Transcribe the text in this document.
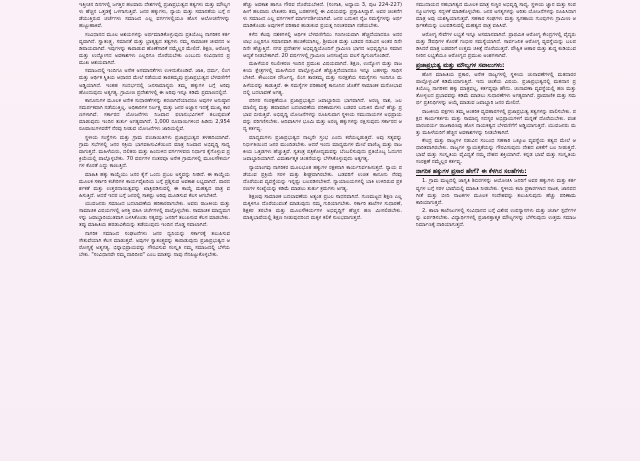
ಇತ್ತೀಚಿನ ದಿನಗಳಲ್ಲಿ ಜಗತ್ತಿನ ಹಲವಾರು ದೇಶಗಳಲ್ಲಿ ಪ್ರಜಾಪ್ರಭುತ್ವದ ತತ್ವಗಳು ಮತ್ತು ಮೌಲ್ಯಗಳು ಹೆಚ್ಚಿನ ಒತ್ತಡಕ್ಕೆ ಒಳಗಾಗುತ್ತಿವೆ. ಜನರ ಹಕ್ಕುಗಳು, ನ್ಯಾಯ ಮತ್ತು ಸಮಾನತೆಯ ಬಗ್ಗೆ ನಡೆಯುತ್ತಿರುವ ಚರ್ಚೆಗಳು ಸಮಾಜದ ಎಲ್ಲ ವರ್ಗಗಳಲ್ಲಿಯೂ ಹೊಸ ಆಲೋಚನೆಗಳನ್ನು ಹುಟ್ಟುಹಾಕಿವೆ.

ಸಂವಿಧಾನದ ಮೂಲ ಆಶಯಗಳನ್ನು ಅರ್ಥಮಾಡಿಕೊಳ್ಳುವುದು ಪ್ರತಿಯೊಬ್ಬ ನಾಗರಿಕನ ಕರ್ತವ್ಯವಾಗಿದೆ. ಸ್ವಾತಂತ್ರ್ಯ, ಸಮಾನತೆ ಮತ್ತು ಭ್ರಾತೃತ್ವದ ತತ್ವಗಳು ನಮ್ಮ ಸಾಮಾಜಿಕ ಜೀವನದ ಅಡಿಪಾಯವಾಗಿವೆ. ಇವುಗಳನ್ನು ಕಾಪಾಡುವ ಹೊಣೆಗಾರಿಕೆ ನಮ್ಮೆಲ್ಲರ ಮೇಲಿದೆ. ಶಿಕ್ಷಣ, ಆರೋಗ್ಯ ಮತ್ತು ಉದ್ಯೋಗದ ಅವಕಾಶಗಳು ಎಲ್ಲರಿಗೂ ದೊರೆಯಬೇಕು ಎಂಬುದು ಸಂವಿಧಾನದ ಪ್ರಮುಖ ಆಶಯವಾಗಿದೆ.

ಸಮಾಜದಲ್ಲಿ ಇಂದಿಗೂ ಅನೇಕ ಅಸಮಾನತೆಗಳು ಉಳಿದುಕೊಂಡಿವೆ. ಜಾತಿ, ಧರ್ಮ, ಲಿಂಗ ಮತ್ತು ಆರ್ಥಿಕ ಸ್ಥಿತಿಯ ಆಧಾರದ ಮೇಲೆ ನಡೆಯುವ ತಾರತಮ್ಯವು ಪ್ರಜಾಪ್ರಭುತ್ವದ ಬೆಳವಣಿಗೆಗೆ ಅಡ್ಡಿಯಾಗಿದೆ. ಇಂತಹ ಸಂದರ್ಭದಲ್ಲಿ ಜನಸಾಮಾನ್ಯರು ತಮ್ಮ ಹಕ್ಕುಗಳ ಬಗ್ಗೆ ಅರಿವು ಹೊಂದುವುದು ಅತ್ಯಗತ್ಯ. ಗ್ರಾಮೀಣ ಪ್ರದೇಶಗಳಲ್ಲಿ ಈ ಅರಿವು ಇನ್ನೂ ಕಡಿಮೆ ಪ್ರಮಾಣದಲ್ಲಿದೆ.

ಕಾನೂನುಗಳ ಮೂಲಕ ಅನೇಕ ಸುಧಾರಣೆಗಳನ್ನು ತರಲಾಗಿದೆಯಾದರೂ ಅವುಗಳ ಅನುಷ್ಠಾನ ಸಮರ್ಪಕವಾಗಿ ನಡೆಯುತ್ತಿಲ್ಲ. ಅಧಿಕಾರಿಗಳ ನಿರ್ಲಕ್ಷ್ಯ ಮತ್ತು ಜನರ ಅಜ್ಞಾನ ಇದಕ್ಕೆ ಮುಖ್ಯ ಕಾರಣಗಳಾಗಿವೆ. ಸರ್ಕಾರದ ಯೋಜನೆಗಳು ನಿಜವಾದ ಫಲಾನುಭವಿಗಳಿಗೆ ತಲುಪುವಂತೆ ಮಾಡುವುದು ಇಂದಿನ ತುರ್ತು ಅಗತ್ಯವಾಗಿದೆ. 1,000 ರೂಪಾಯಿಗಳಿಂದ ಹಿಡಿದು 2,954 ರೂಪಾಯಿಗಳವರೆಗೆ ನೆರವು ನೀಡುವ ಯೋಜನೆಗಳು ಜಾರಿಯಲ್ಲಿವೆ.

ಸ್ಥಳೀಯ ಸಂಸ್ಥೆಗಳು ಮತ್ತು ಗ್ರಾಮ ಪಂಚಾಯಿತಿಗಳು ಪ್ರಜಾಪ್ರಭುತ್ವದ ತಳಹದಿಯಾಗಿವೆ. ಗ್ರಾಮ ಸಭೆಗಳಲ್ಲಿ ಜನರ ಸಕ್ರಿಯ ಭಾಗವಹಿಸುವಿಕೆಯಿಂದ ಮಾತ್ರ ನಿಜವಾದ ಅಭಿವೃದ್ಧಿ ಸಾಧ್ಯವಾಗುತ್ತದೆ. ಮಹಿಳೆಯರು, ದಲಿತರು ಮತ್ತು ಹಿಂದುಳಿದ ವರ್ಗಗಳವರು ನಿರ್ಧಾರ ಕೈಗೊಳ್ಳುವ ಪ್ರಕ್ರಿಯೆಯಲ್ಲಿ ಪಾಲ್ಗೊಳ್ಳಬೇಕು. 70 ವರ್ಷಗಳ ನಂತರವೂ ಅನೇಕ ಗ್ರಾಮಗಳಲ್ಲಿ ಮೂಲಸೌಕರ್ಯಗಳ ಕೊರತೆ ಎದ್ದು ಕಾಣುತ್ತಿದೆ.

ಮಾಹಿತಿ ಹಕ್ಕು ಕಾಯ್ದೆಯು ಜನರ ಕೈಗೆ ಒಂದು ಪ್ರಬಲ ಅಸ್ತ್ರವನ್ನು ನೀಡಿದೆ. ಈ ಕಾಯ್ದೆಯ ಮೂಲಕ ಸರ್ಕಾರಿ ಕಚೇರಿಗಳ ಕಾರ್ಯವೈಖರಿಯ ಬಗ್ಗೆ ಪ್ರಶ್ನಿಸುವ ಅವಕಾಶ ಲಭ್ಯವಾಗಿದೆ. ಪಾರದರ್ಶಕತೆ ಮತ್ತು ಉತ್ತರದಾಯಿತ್ವವನ್ನು ಖಾತ್ರಿಪಡಿಸುವಲ್ಲಿ ಈ ಕಾಯ್ದೆ ಮಹತ್ವದ ಪಾತ್ರ ವಹಿಸುತ್ತಿದೆ. ಆದರೆ ಇದರ ಬಗ್ಗೆ ಜನರಲ್ಲಿ ಸಾಕಷ್ಟು ಅರಿವು ಮೂಡಿಸುವ ಕೆಲಸ ಆಗಬೇಕಿದೆ.

ಯುವಜನರು ಸಮಾಜದ ಬದಲಾವಣೆಯ ಹರಿಕಾರರಾಗಬೇಕು. ಅವರು ರಾಜಕೀಯ ಮತ್ತು ಸಾಮಾಜಿಕ ವಿಷಯಗಳಲ್ಲಿ ಆಸಕ್ತಿ ವಹಿಸಿ ಚರ್ಚೆಗಳಲ್ಲಿ ಪಾಲ್ಗೊಳ್ಳಬೇಕು. ಸಾಮಾಜಿಕ ಮಾಧ್ಯಮಗಳನ್ನು ಜವಾಬ್ದಾರಿಯುತವಾಗಿ ಬಳಸಿಕೊಂಡು ಸತ್ಯವನ್ನು ಜನರಿಗೆ ತಲುಪಿಸುವ ಕೆಲಸ ಮಾಡಬೇಕು. ತಪ್ಪು ಮಾಹಿತಿಯ ಹರಡುವಿಕೆಯನ್ನು ತಡೆಯುವುದು ಇಂದಿನ ದೊಡ್ಡ ಸವಾಲಾಗಿದೆ.

ನಾಗರಿಕ ಸಮಾಜದ ಸಂಘಟನೆಗಳು ಜನರ ಧ್ವನಿಯನ್ನು ಸರ್ಕಾರಕ್ಕೆ ತಲುಪಿಸುವ ಸೇತುವೆಯಾಗಿ ಕೆಲಸ ಮಾಡುತ್ತವೆ. ಅವುಗಳ ಸ್ವಾತಂತ್ರ್ಯವನ್ನು ಕಾಪಾಡುವುದು ಪ್ರಜಾಪ್ರಭುತ್ವದ ಆರೋಗ್ಯಕ್ಕೆ ಅತ್ಯಗತ್ಯ. ಭಿನ್ನಾಭಿಪ್ರಾಯವನ್ನು ಗೌರವಿಸುವ ಸಂಸ್ಕೃತಿ ನಮ್ಮ ಸಮಾಜದಲ್ಲಿ ಬೆಳೆಯಬೇಕು. "ಸಂವಿಧಾನವೇ ನಮ್ಮ ದಾರಿದೀಪ" ಎಂಬ ಮಾತನ್ನು ನಾವು ನೆನಪಿಟ್ಟುಕೊಳ್ಳಬೇಕು.

ಹೆಚ್ಚು ಅವಕಾಶ ಹಾಗೂ ಗೌರವ ದೊರೆಯಬೇಕಿದೆ. (ಸಂಗಾತಿ, ಅಧ್ಯಾಯ 3, ಪುಟ 224-227) ಹೀಗೆ ಹಲವಾರು ಲೇಖಕರು ತಮ್ಮ ಬರಹಗಳಲ್ಲಿ ಈ ವಿಷಯವನ್ನು ಪ್ರಸ್ತಾಪಿಸಿದ್ದಾರೆ. ಅವರ ಚಿಂತನೆಗಳು ಸಮಾಜದ ಎಲ್ಲ ವರ್ಗಗಳಿಗೆ ಮಾರ್ಗದರ್ಶಿಯಾಗಿವೆ. ಜನರ ಬದುಕಿನ ನೈಜ ಸಮಸ್ಯೆಗಳನ್ನು ಅರ್ಥಮಾಡಿಕೊಂಡು ಅವುಗಳಿಗೆ ಪರಿಹಾರ ಹುಡುಕುವ ಪ್ರಯತ್ನ ನಿರಂತರವಾಗಿ ನಡೆಯಬೇಕು.

ಕಳೆದ ಕೆಲವು ದಶಕಗಳಲ್ಲಿ ಆರ್ಥಿಕ ಬೆಳವಣಿಗೆಯು ಗಣನೀಯವಾಗಿ ಹೆಚ್ಚಿದೆಯಾದರೂ ಅದರ ಲಾಭ ಎಲ್ಲರಿಗೂ ಸಮಾನವಾಗಿ ಹಂಚಿಕೆಯಾಗಿಲ್ಲ. ಶ್ರೀಮಂತ ಮತ್ತು ಬಡವರ ನಡುವಿನ ಅಂತರ ದಿನೇ ದಿನೇ ಹೆಚ್ಚುತ್ತಿದೆ. ನಗರ ಪ್ರದೇಶಗಳ ಅಭಿವೃದ್ಧಿಯೊಂದಿಗೆ ಗ್ರಾಮೀಣ ಭಾಗದ ಅಭಿವೃದ್ಧಿಗೂ ಸಮಾನ ಆದ್ಯತೆ ನೀಡಬೇಕಾಗಿದೆ. 20 ವರ್ಷಗಳಲ್ಲಿ ಗ್ರಾಮೀಣ ಜನಸಂಖ್ಯೆಯ ವಲಸೆ ದ್ವಿಗುಣಗೊಂಡಿದೆ.

ಮಹಿಳೆಯರ ಸಬಲೀಕರಣ ಇಂದಿನ ಪ್ರಮುಖ ವಿಷಯವಾಗಿದೆ. ಶಿಕ್ಷಣ, ಉದ್ಯೋಗ ಮತ್ತು ರಾಜಕೀಯ ಕ್ಷೇತ್ರಗಳಲ್ಲಿ ಮಹಿಳೆಯರ ಪಾಲ್ಗೊಳ್ಳುವಿಕೆ ಹೆಚ್ಚುತ್ತಿದೆಯಾದರೂ ಇನ್ನೂ ಬಹಳಷ್ಟು ಸಾಧಿಸಬೇಕಿದೆ. ಕೌಟುಂಬಿಕ ದೌರ್ಜನ್ಯ, ಲಿಂಗ ತಾರತಮ್ಯ ಮತ್ತು ಸುರಕ್ಷತೆಯ ಸಮಸ್ಯೆಗಳು ಇಂದಿಗೂ ಮಹಿಳೆಯರನ್ನು ಕಾಡುತ್ತಿವೆ. ಈ ಸಮಸ್ಯೆಗಳ ಪರಿಹಾರಕ್ಕೆ ಕಾನೂನಿನ ಜೊತೆಗೆ ಸಾಮಾಜಿಕ ಮನೋಭಾವದಲ್ಲಿ ಬದಲಾವಣೆ ಅಗತ್ಯ.

ಪರಿಸರ ಸಂರಕ್ಷಣೆಯೂ ಪ್ರಜಾಪ್ರಭುತ್ವದ ಜವಾಬ್ದಾರಿಯ ಭಾಗವಾಗಿದೆ. ಅರಣ್ಯ ನಾಶ, ಜಲ ಮಾಲಿನ್ಯ ಮತ್ತು ಹವಾಮಾನ ಬದಲಾವಣೆಯ ಪರಿಣಾಮಗಳು ಬಡವರ ಬದುಕಿನ ಮೇಲೆ ಹೆಚ್ಚು ಪ್ರಭಾವ ಬೀರುತ್ತಿವೆ. ಅಭಿವೃದ್ಧಿ ಯೋಜನೆಗಳನ್ನು ರೂಪಿಸುವಾಗ ಸ್ಥಳೀಯ ಸಮುದಾಯಗಳ ಅಭಿಪ್ರಾಯವನ್ನು ಪರಿಗಣಿಸಬೇಕು. ಆದಿವಾಸಿಗಳ ಭೂಮಿ ಮತ್ತು ಅರಣ್ಯ ಹಕ್ಕುಗಳನ್ನು ರಕ್ಷಿಸುವುದು ಸರ್ಕಾರದ ಆದ್ಯ ಕರ್ತವ್ಯ.

ಮಾಧ್ಯಮಗಳು ಪ್ರಜಾಪ್ರಭುತ್ವದ ನಾಲ್ಕನೇ ಸ್ತಂಭ ಎಂದು ಕರೆಯಲ್ಪಡುತ್ತವೆ. ಅವು ಸತ್ಯವನ್ನು ನಿರ್ಭೀತಿಯಿಂದ ಜನರ ಮುಂದಿಡಬೇಕು. ಆದರೆ ಇಂದು ಮಾಧ್ಯಮಗಳ ಮೇಲೆ ವಾಣಿಜ್ಯ ಮತ್ತು ರಾಜಕೀಯ ಒತ್ತಡಗಳು ಹೆಚ್ಚುತ್ತಿವೆ. ಸ್ವತಂತ್ರ ಪತ್ರಿಕೋದ್ಯಮವನ್ನು ಬೆಂಬಲಿಸುವುದು ಪ್ರತಿಯೊಬ್ಬ ಓದುಗನ ಜವಾಬ್ದಾರಿಯಾಗಿದೆ. ವಿಮರ್ಶಾತ್ಮಕ ಚಿಂತನೆಯನ್ನು ಬೆಳೆಸಿಕೊಳ್ಳುವುದು ಅತ್ಯಗತ್ಯ.

ನ್ಯಾಯಾಂಗವು ನಾಗರಿಕರ ಮೂಲಭೂತ ಹಕ್ಕುಗಳ ರಕ್ಷಕನಾಗಿ ಕಾರ್ಯನಿರ್ವಹಿಸುತ್ತದೆ. ನ್ಯಾಯ ಪಡೆಯುವ ಪ್ರಕ್ರಿಯೆ ಸರಳ ಮತ್ತು ಶೀಘ್ರವಾಗಿರಬೇಕು. ಬಡವರಿಗೆ ಉಚಿತ ಕಾನೂನು ನೆರವು ದೊರೆಯುವ ವ್ಯವಸ್ಥೆಯನ್ನು ಇನ್ನಷ್ಟು ಬಲಪಡಿಸಬೇಕಿದೆ. ನ್ಯಾಯಾಲಯಗಳಲ್ಲಿ ಬಾಕಿ ಉಳಿದಿರುವ ಪ್ರಕರಣಗಳ ಸಂಖ್ಯೆಯನ್ನು ಕಡಿಮೆ ಮಾಡಲು ತುರ್ತು ಕ್ರಮಗಳು ಅಗತ್ಯ.

ಶಿಕ್ಷಣವು ಸಾಮಾಜಿಕ ಬದಲಾವಣೆಯ ಅತ್ಯಂತ ಪ್ರಬಲ ಸಾಧನವಾಗಿದೆ. ಗುಣಮಟ್ಟದ ಶಿಕ್ಷಣ ಎಲ್ಲ ಮಕ್ಕಳಿಗೂ ದೊರೆಯುವಂತೆ ಮಾಡುವುದು ನಮ್ಮ ಗುರಿಯಾಗಬೇಕು. ಸರ್ಕಾರಿ ಶಾಲೆಗಳ ಸುಧಾರಣೆ, ಶಿಕ್ಷಕರ ತರಬೇತಿ ಮತ್ತು ಮೂಲಸೌಕರ್ಯಗಳ ಅಭಿವೃದ್ಧಿಗೆ ಹೆಚ್ಚಿನ ಹಣ ಮೀಸಲಿಡಬೇಕು. ಮಾತೃಭಾಷೆಯಲ್ಲಿ ಶಿಕ್ಷಣ ನೀಡುವುದರಿಂದ ಮಕ್ಕಳ ಕಲಿಕೆ ಸುಲಭವಾಗುತ್ತದೆ.

ಸಮುದಾಯದ ಸಹಭಾಗಿತ್ವದ ಮೂಲಕ ಮಾತ್ರ ಸುಸ್ಥಿರ ಅಭಿವೃದ್ಧಿ ಸಾಧ್ಯ. ಸ್ಥಳೀಯ ಜ್ಞಾನ ಮತ್ತು ಸಂಪನ್ಮೂಲಗಳನ್ನು ಸದ್ಬಳಕೆ ಮಾಡಿಕೊಳ್ಳಬೇಕು. ಜನರ ಅಗತ್ಯಗಳನ್ನು ಅರಿತು ಯೋಜನೆಗಳನ್ನು ರೂಪಿಸಿದಾಗ ಮಾತ್ರ ಅವು ಯಶಸ್ವಿಯಾಗುತ್ತವೆ. ಸಹಕಾರ ಸಂಘಗಳು ಮತ್ತು ಸ್ವಸಹಾಯ ಗುಂಪುಗಳು ಗ್ರಾಮೀಣ ಆರ್ಥಿಕತೆಯನ್ನು ಬಲಪಡಿಸುವಲ್ಲಿ ಮಹತ್ವದ ಪಾತ್ರ ವಹಿಸಿವೆ.

ಆರೋಗ್ಯ ಸೇವೆಗಳ ಲಭ್ಯತೆ ಇನ್ನೂ ಅಸಮಾನವಾಗಿದೆ. ಪ್ರಾಥಮಿಕ ಆರೋಗ್ಯ ಕೇಂದ್ರಗಳಲ್ಲಿ ವೈದ್ಯರು ಮತ್ತು ಔಷಧಿಗಳ ಕೊರತೆ ಗಂಭೀರ ಸಮಸ್ಯೆಯಾಗಿದೆ. ಸಾರ್ವಜನಿಕ ಆರೋಗ್ಯ ವ್ಯವಸ್ಥೆಯನ್ನು ಬಲಪಡಿಸಿದರೆ ಮಾತ್ರ ಬಡವರಿಗೆ ಉತ್ತಮ ಚಿಕಿತ್ಸೆ ದೊರೆಯುತ್ತದೆ. ಪೌಷ್ಟಿಕ ಆಹಾರ ಮತ್ತು ಶುದ್ಧ ಕುಡಿಯುವ ನೀರಿನ ಲಭ್ಯತೆಯೂ ಆರೋಗ್ಯದ ಪ್ರಮುಖ ಅಂಶಗಳಾಗಿವೆ.

ಪ್ರಜಾಪ್ರಭುತ್ವ ಮತ್ತು ಮೌಲ್ಯಗಳ ಸವಾಲುಗಳು:

ಹೊಸ ಮಾಹಿತಿಯ ಪ್ರಕಾರ, ಅನೇಕ ರಾಜ್ಯಗಳಲ್ಲಿ ಸ್ಥಳೀಯ ಚುನಾವಣೆಗಳಲ್ಲಿ ಮತದಾರರ ಪಾಲ್ಗೊಳ್ಳುವಿಕೆ ಕಡಿಮೆಯಾಗುತ್ತಿದೆ. ಇದು ಚಿಂತೆಯ ವಿಷಯ. ಪ್ರಜಾಪ್ರಭುತ್ವದಲ್ಲಿ ಮತದಾನ ಪ್ರತಿಯೊಬ್ಬ ನಾಗರಿಕನ ಹಕ್ಕು ಮಾತ್ರವಲ್ಲ, ಕರ್ತವ್ಯವೂ ಹೌದು. ಚುನಾವಣಾ ವ್ಯವಸ್ಥೆಯಲ್ಲಿ ಹಣ ಮತ್ತು ತೋಳ್ಬಲದ ಪ್ರಭಾವವನ್ನು ಕಡಿಮೆ ಮಾಡಲು ಸುಧಾರಣೆಗಳು ಅಗತ್ಯವಾಗಿವೆ. ಪ್ರಾಮಾಣಿಕ ಮತ್ತು ಸಮರ್ಥ ಪ್ರತಿನಿಧಿಗಳನ್ನು ಆಯ್ಕೆ ಮಾಡುವ ಜವಾಬ್ದಾರಿ ಜನರ ಮೇಲಿದೆ.

ರಾಜಕೀಯ ಪಕ್ಷಗಳು ತಮ್ಮ ಆಂತರಿಕ ವ್ಯವಹಾರಗಳಲ್ಲಿ ಪ್ರಜಾಪ್ರಭುತ್ವ ತತ್ವಗಳನ್ನು ಪಾಲಿಸಬೇಕು. ಪಕ್ಷದ ಕಾರ್ಯಕರ್ತರು ಮತ್ತು ಸಾಮಾನ್ಯ ಸದಸ್ಯರ ಅಭಿಪ್ರಾಯಗಳಿಗೆ ಮನ್ನಣೆ ದೊರೆಯಬೇಕು. ವಂಶಪಾರಂಪರ್ಯ ರಾಜಕಾರಣವು ಹೊಸ ನಾಯಕತ್ವದ ಬೆಳವಣಿಗೆಗೆ ಅಡ್ಡಿಯಾಗುತ್ತದೆ. ಯುವಜನರು ಮತ್ತು ಮಹಿಳೆಯರಿಗೆ ಹೆಚ್ಚಿನ ಅವಕಾಶಗಳನ್ನು ನೀಡಬೇಕಾಗಿದೆ.

ಕೇಂದ್ರ ಮತ್ತು ರಾಜ್ಯಗಳ ನಡುವಿನ ಸಂಬಂಧ ಸಹಕಾರಿ ಒಕ್ಕೂಟ ವ್ಯವಸ್ಥೆಯ ತತ್ವದ ಮೇಲೆ ಆಧಾರಿತವಾಗಿರಬೇಕು. ರಾಜ್ಯಗಳ ಸ್ವಾಯತ್ತತೆಯನ್ನು ಗೌರವಿಸುವುದು ದೇಶದ ಏಕತೆಗೆ ಬಲ ನೀಡುತ್ತದೆ. ಭಾಷೆ ಮತ್ತು ಸಂಸ್ಕೃತಿಯ ವೈವಿಧ್ಯತೆ ನಮ್ಮ ದೇಶದ ಶಕ್ತಿಯಾಗಿದೆ. ಕನ್ನಡ ಭಾಷೆ ಮತ್ತು ಸಂಸ್ಕೃತಿಯ ಸಂರಕ್ಷಣೆ ನಮ್ಮೆಲ್ಲರ ಕರ್ತವ್ಯ.

ನಾಗರಿಕ ಹಕ್ಕುಗಳ ಪ್ರಸಾರ ಹೇಗೆ? ಈ ಕೆಳಗಿನ ಸಲಹೆಗಳು:

1. ಗ್ರಾಮ ಮಟ್ಟದಲ್ಲಿ ಜಾಗೃತಿ ಶಿಬಿರಗಳನ್ನು ಆಯೋಜಿಸಿ ಜನರಿಗೆ ಅವರ ಹಕ್ಕುಗಳು ಮತ್ತು ಕರ್ತವ್ಯಗಳ ಬಗ್ಗೆ ಸರಳ ಭಾಷೆಯಲ್ಲಿ ಮಾಹಿತಿ ನೀಡಬೇಕು. ಸ್ಥಳೀಯ ಕಲಾ ಪ್ರಕಾರಗಳಾದ ನಾಟಕ, ಜಾನಪದ ಗೀತೆ ಮತ್ತು ಬೀದಿ ನಾಟಕಗಳ ಮೂಲಕ ಸಂದೇಶವನ್ನು ತಲುಪಿಸುವುದು ಹೆಚ್ಚು ಪರಿಣಾಮಕಾರಿಯಾಗುತ್ತದೆ.

2. ಶಾಲಾ ಕಾಲೇಜುಗಳಲ್ಲಿ ಸಂವಿಧಾನದ ಬಗ್ಗೆ ವಿಶೇಷ ಉಪನ್ಯಾಸಗಳು ಮತ್ತು ಚರ್ಚಾ ಸ್ಪರ್ಧೆಗಳನ್ನು ಏರ್ಪಡಿಸಬೇಕು. ವಿದ್ಯಾರ್ಥಿಗಳಲ್ಲಿ ಪ್ರಜಾಸತ್ತಾತ್ಮಕ ಮೌಲ್ಯಗಳನ್ನು ಬೆಳೆಸುವುದು ಉತ್ತಮ ಸಮಾಜ ನಿರ್ಮಾಣಕ್ಕೆ ದಾರಿಯಾಗುತ್ತದೆ.
